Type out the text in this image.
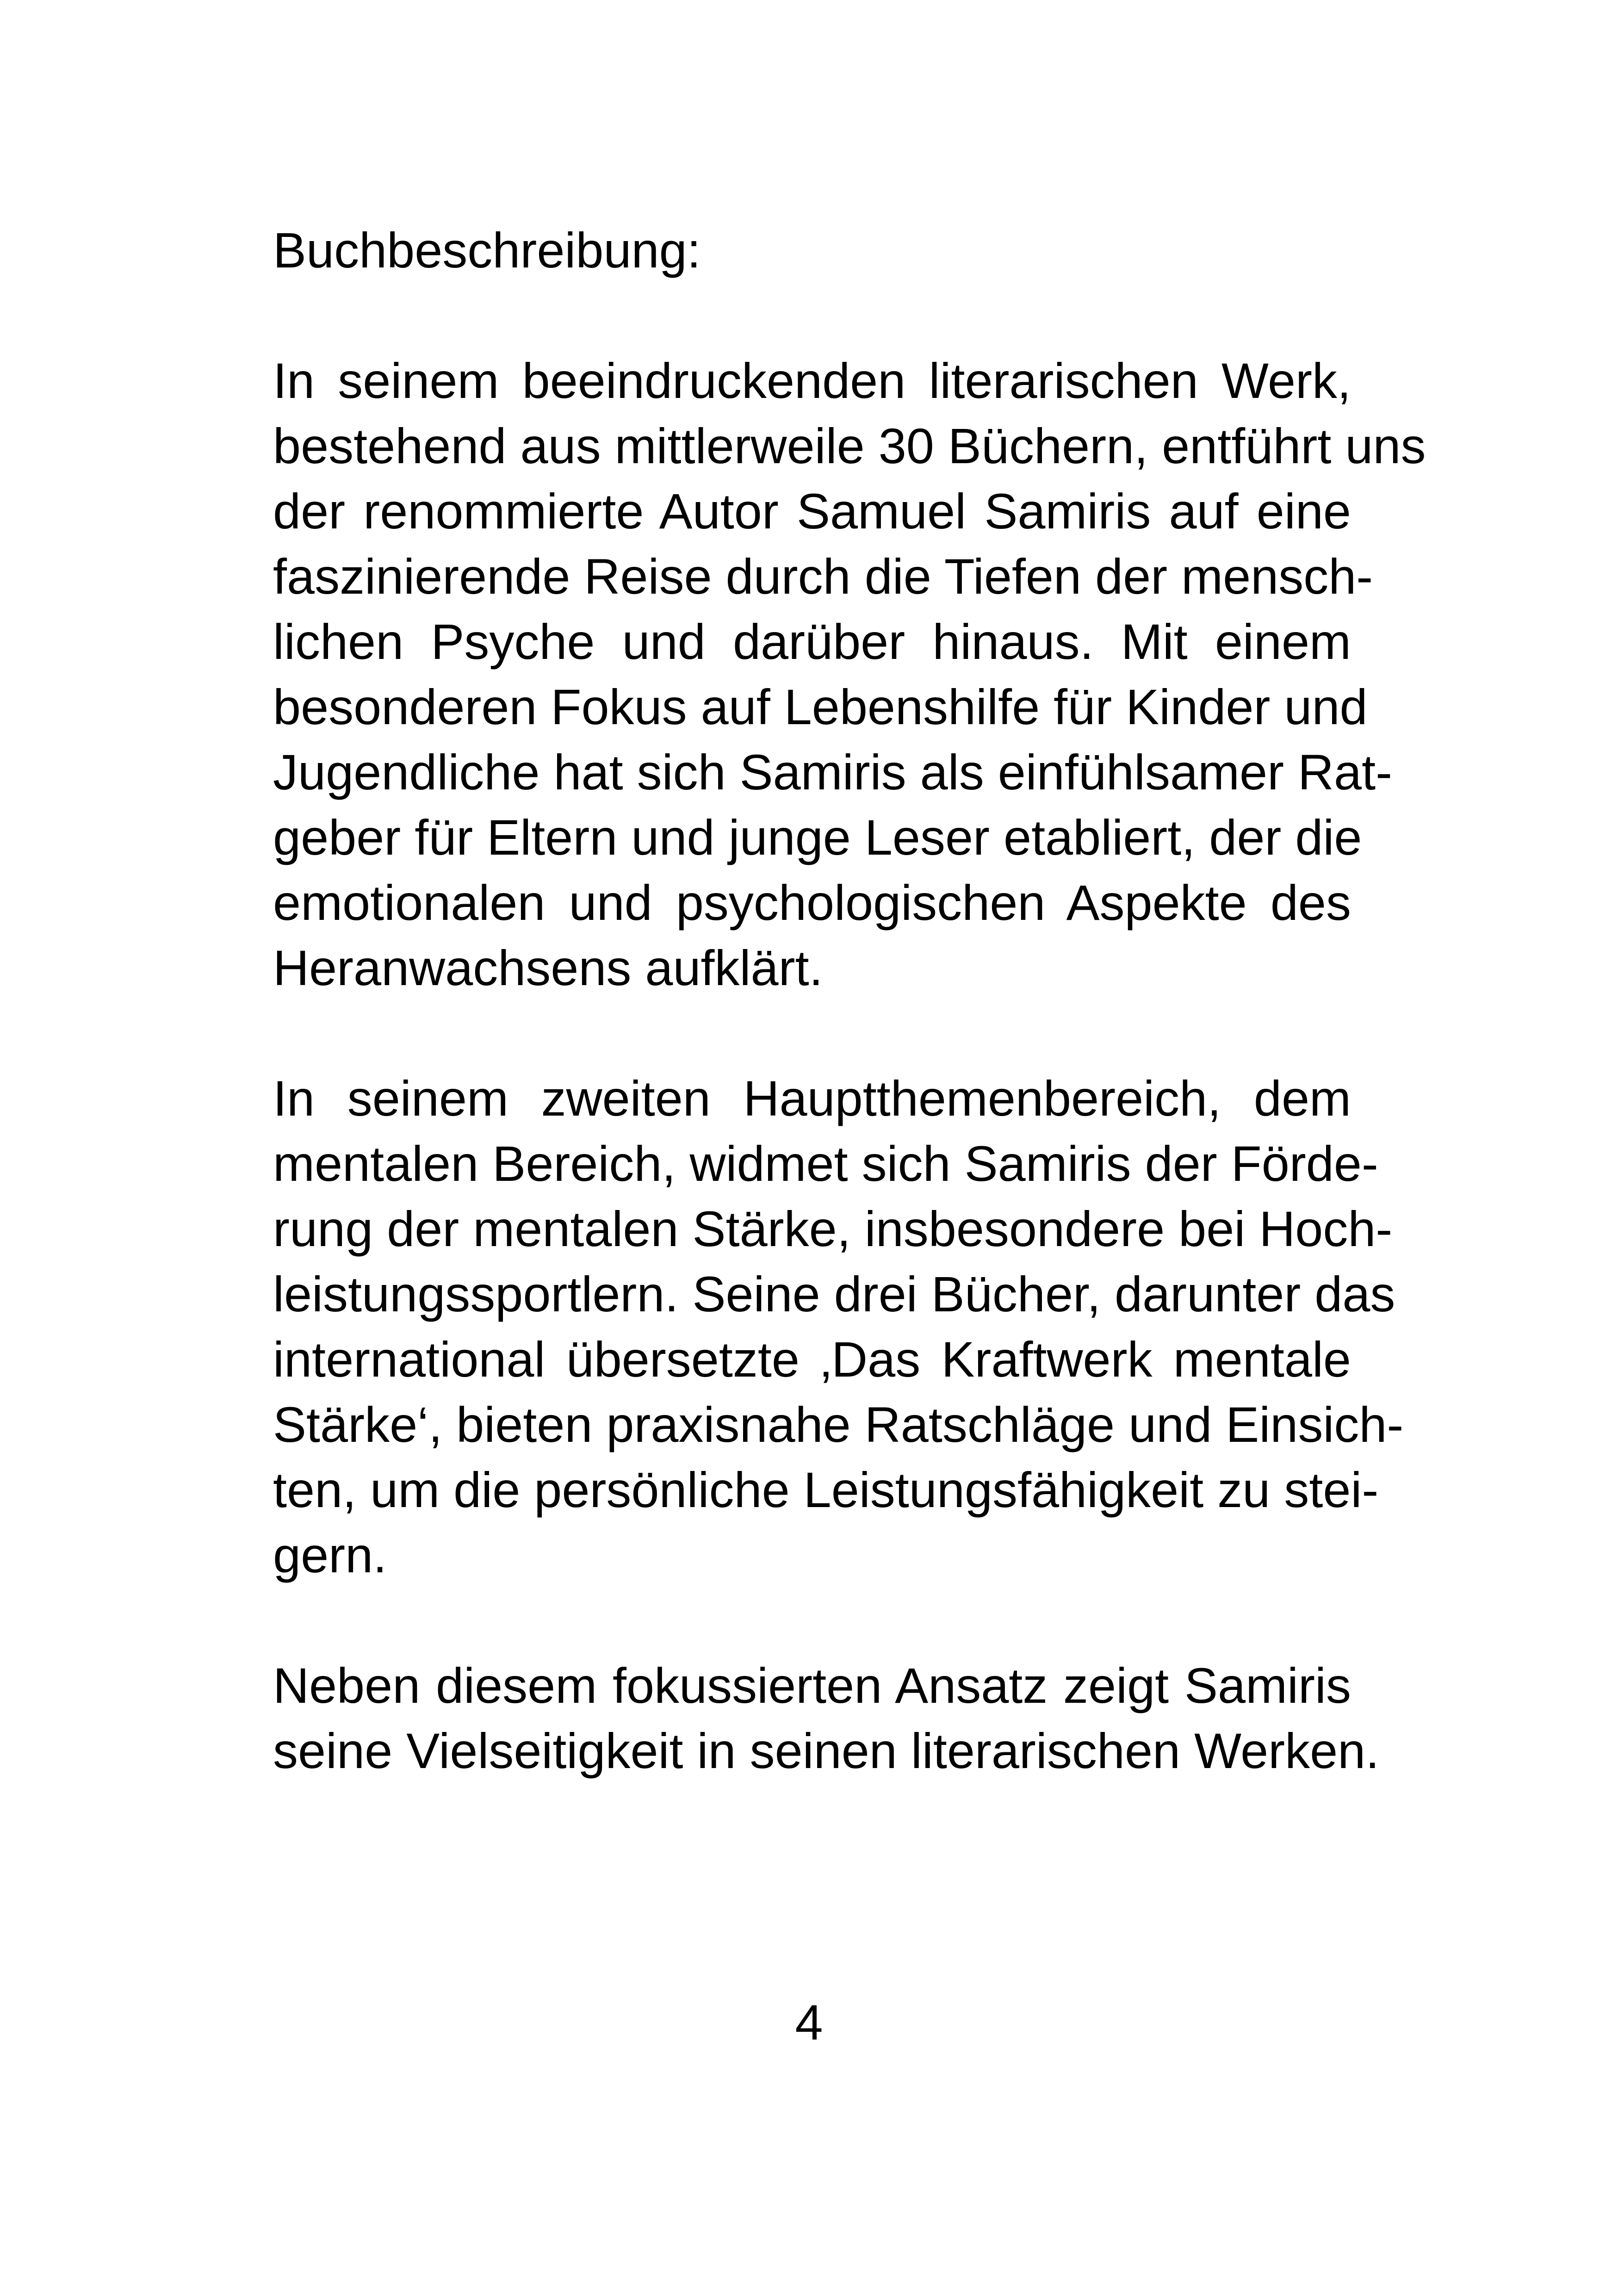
Buchbeschreibung:
In seinem beeindruckenden literarischen Werk,
bestehend aus mittlerweile 30 Büchern, entführt uns
der renommierte Autor Samuel Samiris auf eine
faszinierende Reise durch die Tiefen der mensch-
lichen Psyche und darüber hinaus. Mit einem
besonderen Fokus auf Lebenshilfe für Kinder und
Jugendliche hat sich Samiris als einfühlsamer Rat-
geber für Eltern und junge Leser etabliert, der die
emotionalen und psychologischen Aspekte des
Heranwachsens aufklärt.
In seinem zweiten Hauptthemenbereich, dem
mentalen Bereich, widmet sich Samiris der Förde-
rung der mentalen Stärke, insbesondere bei Hoch-
leistungssportlern. Seine drei Bücher, darunter das
international übersetzte ‚Das Kraftwerk mentale
Stärke‘, bieten praxisnahe Ratschläge und Einsich-
ten, um die persönliche Leistungsfähigkeit zu stei-
gern.
Neben diesem fokussierten Ansatz zeigt Samiris
seine Vielseitigkeit in seinen literarischen Werken.
4
